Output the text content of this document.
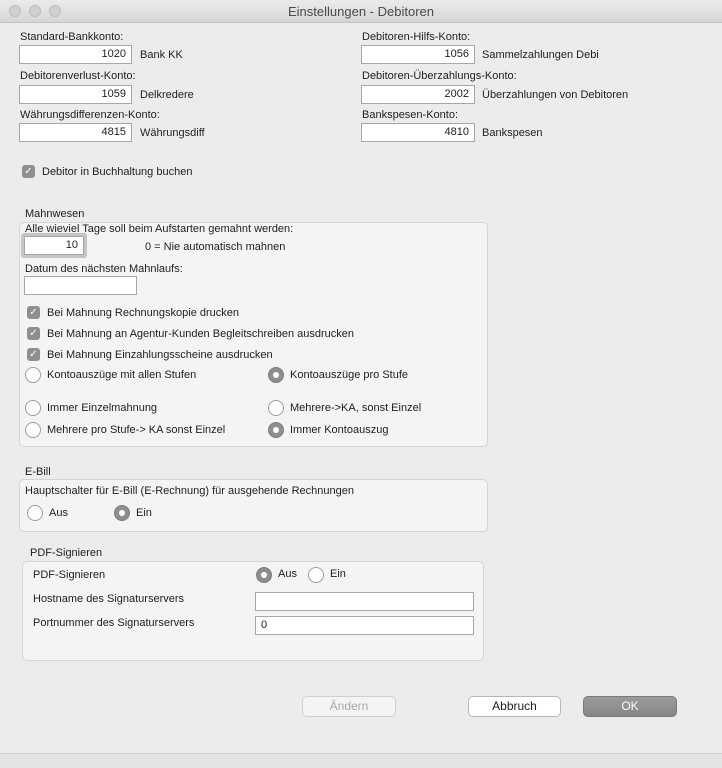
Einstellungen - Debitoren
Standard-Bankkonto:
1020	Bank KK
Debitorenverlust-Konto:
1059	Delkredere
Währungsdifferenzen-Konto:
4815	Währungsdiff
Debitoren-Hilfs-Konto:
1056	Sammelzahlungen Debi
Debitoren-Überzahlungs-Konto:
2002	Überzahlungen von Debitoren
Bankspesen-Konto:
4810	Bankspesen
✓ Debitor in Buchhaltung buchen
Mahnwesen
Alle wieviel Tage soll beim Aufstarten gemahnt werden:
10	0 = Nie automatisch mahnen
Datum des nächsten Mahnlaufs:
✓ Bei Mahnung Rechnungskopie drucken
✓ Bei Mahnung an Agentur-Kunden Begleitschreiben ausdrucken
✓ Bei Mahnung Einzahlungsscheine ausdrucken
Kontoauszüge mit allen Stufen	Kontoauszüge pro Stufe
Immer Einzelmahnung	Mehrere->KA, sonst Einzel
Mehrere pro Stufe-> KA sonst Einzel	Immer Kontoauszug
E-Bill
Hauptschalter für E-Bill (E-Rechnung) für ausgehende Rechnungen
Aus	Ein
PDF-Signieren
PDF-Signieren	Aus	Ein
Hostname des Signaturservers
Portnummer des Signaturservers	0
Ändern	Abbruch	OK
